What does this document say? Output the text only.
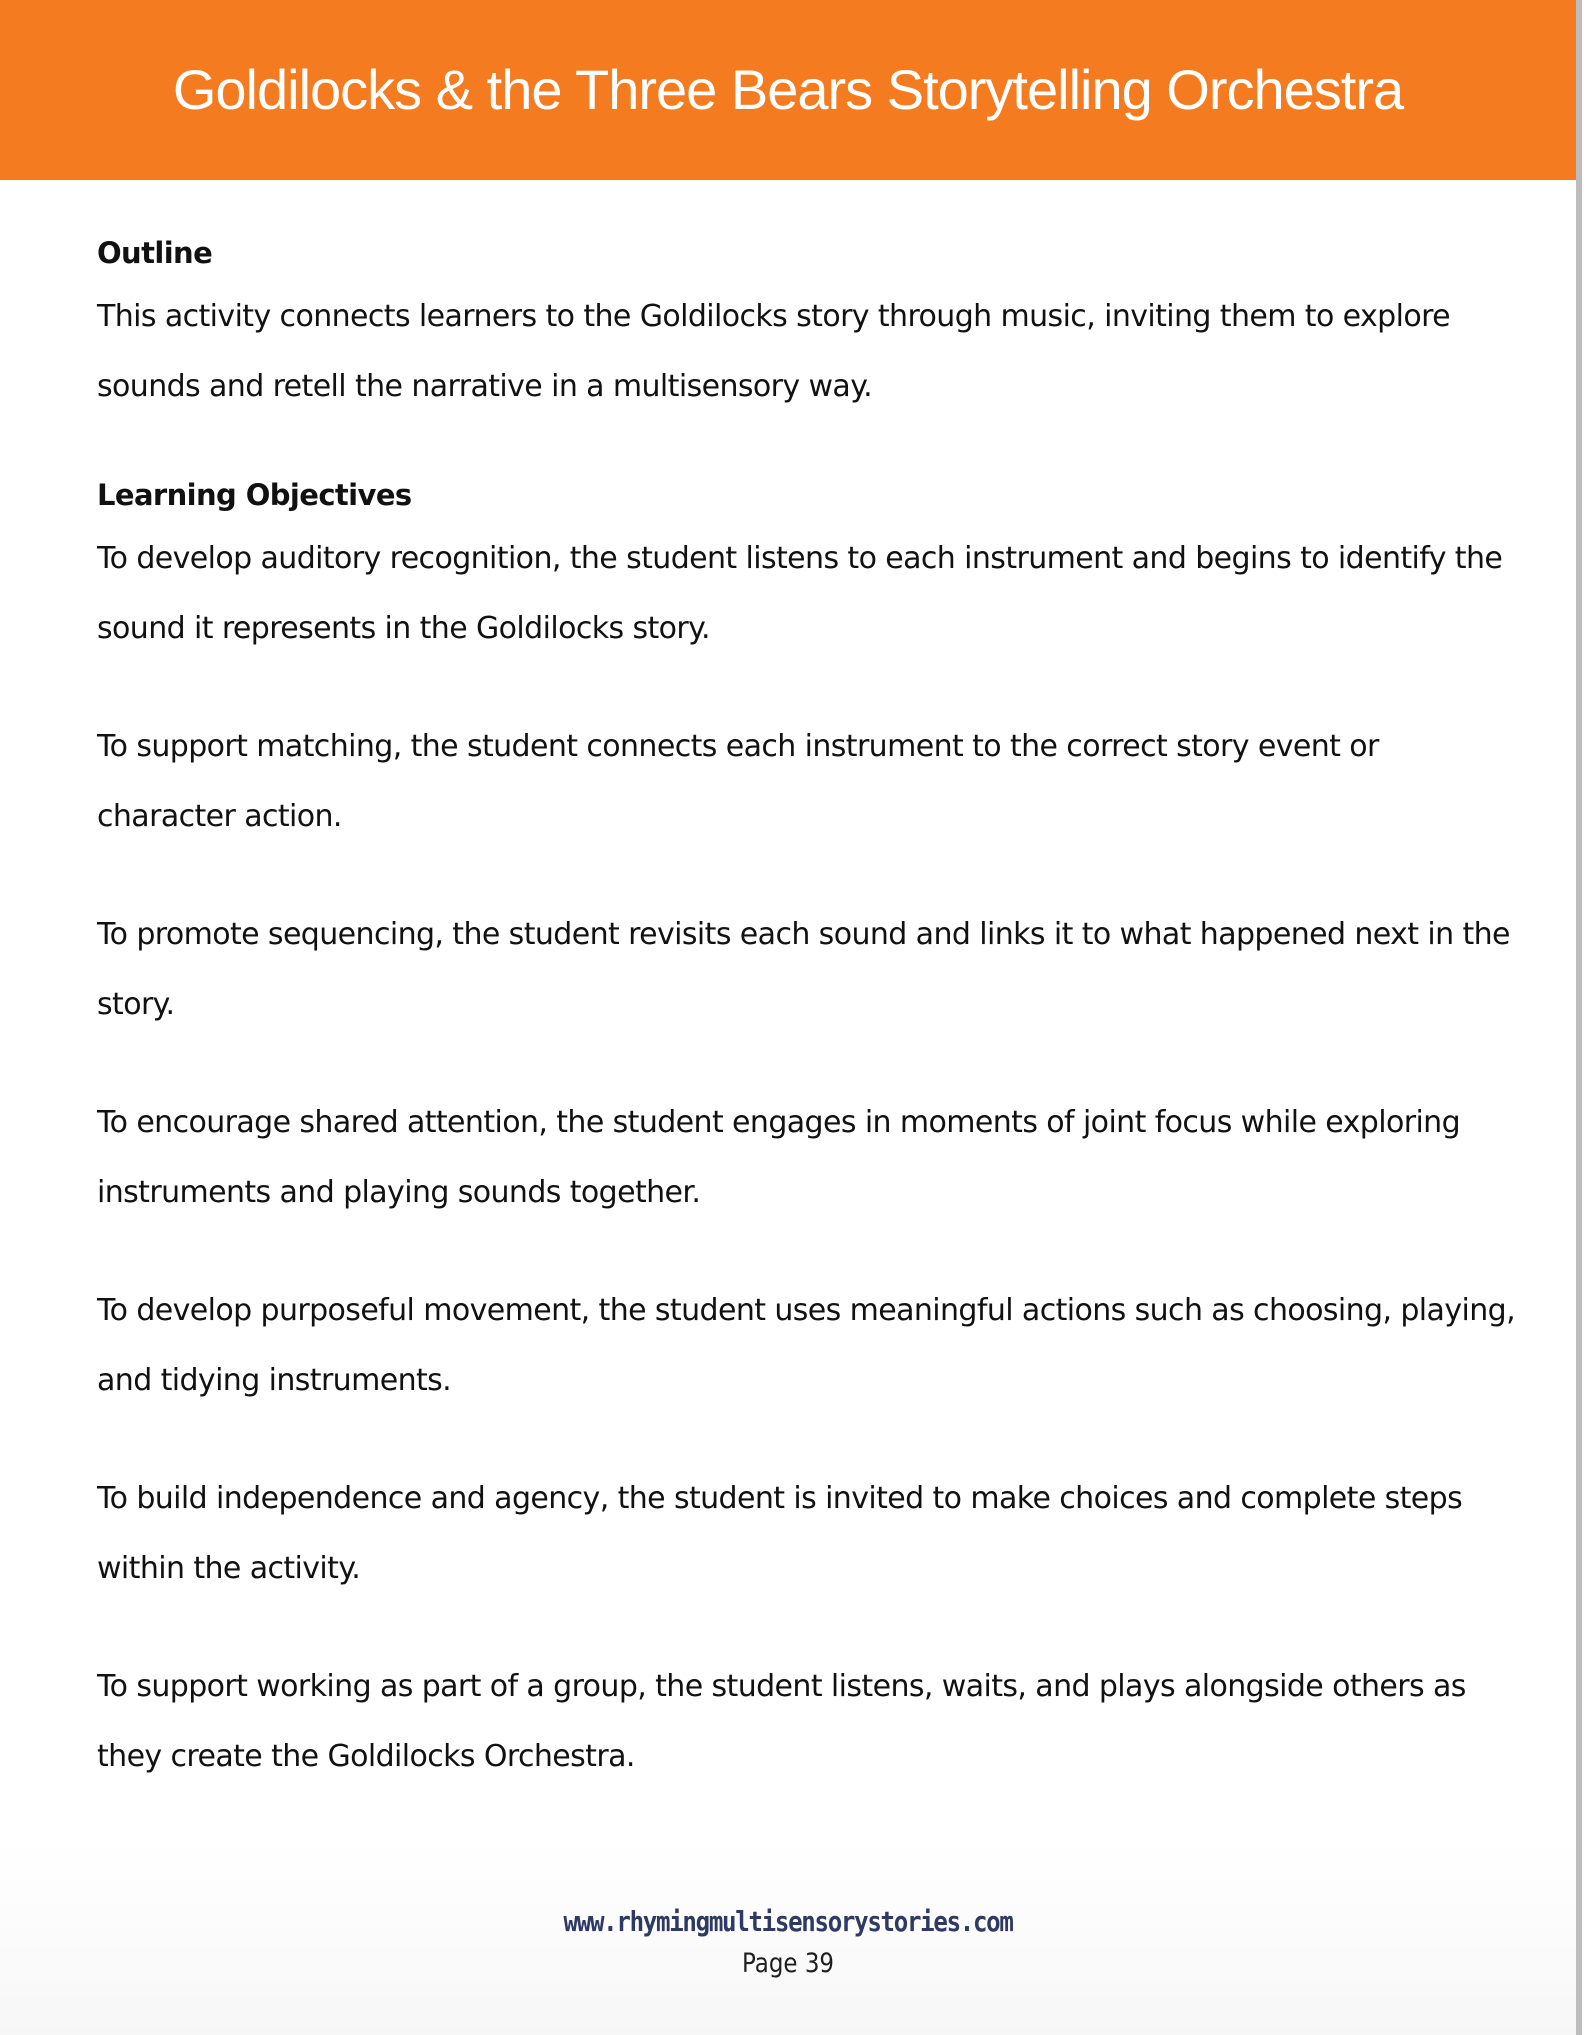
Goldilocks & the Three Bears Storytelling Orchestra
Outline

This activity connects learners to the Goldilocks story through music, inviting them to explore sounds and retell the narrative in a multisensory way.

Learning Objectives

To develop auditory recognition, the student listens to each instrument and begins to identify the sound it represents in the Goldilocks story.

To support matching, the student connects each instrument to the correct story event or character action.

To promote sequencing, the student revisits each sound and links it to what happened next in the story.

To encourage shared attention, the student engages in moments of joint focus while exploring instruments and playing sounds together.

To develop purposeful movement, the student uses meaningful actions such as choosing, playing, and tidying instruments.

To build independence and agency, the student is invited to make choices and complete steps within the activity.

To support working as part of a group, the student listens, waits, and plays alongside others as they create the Goldilocks Orchestra.

www.rhymingmultisensorystories.com
Page 39
